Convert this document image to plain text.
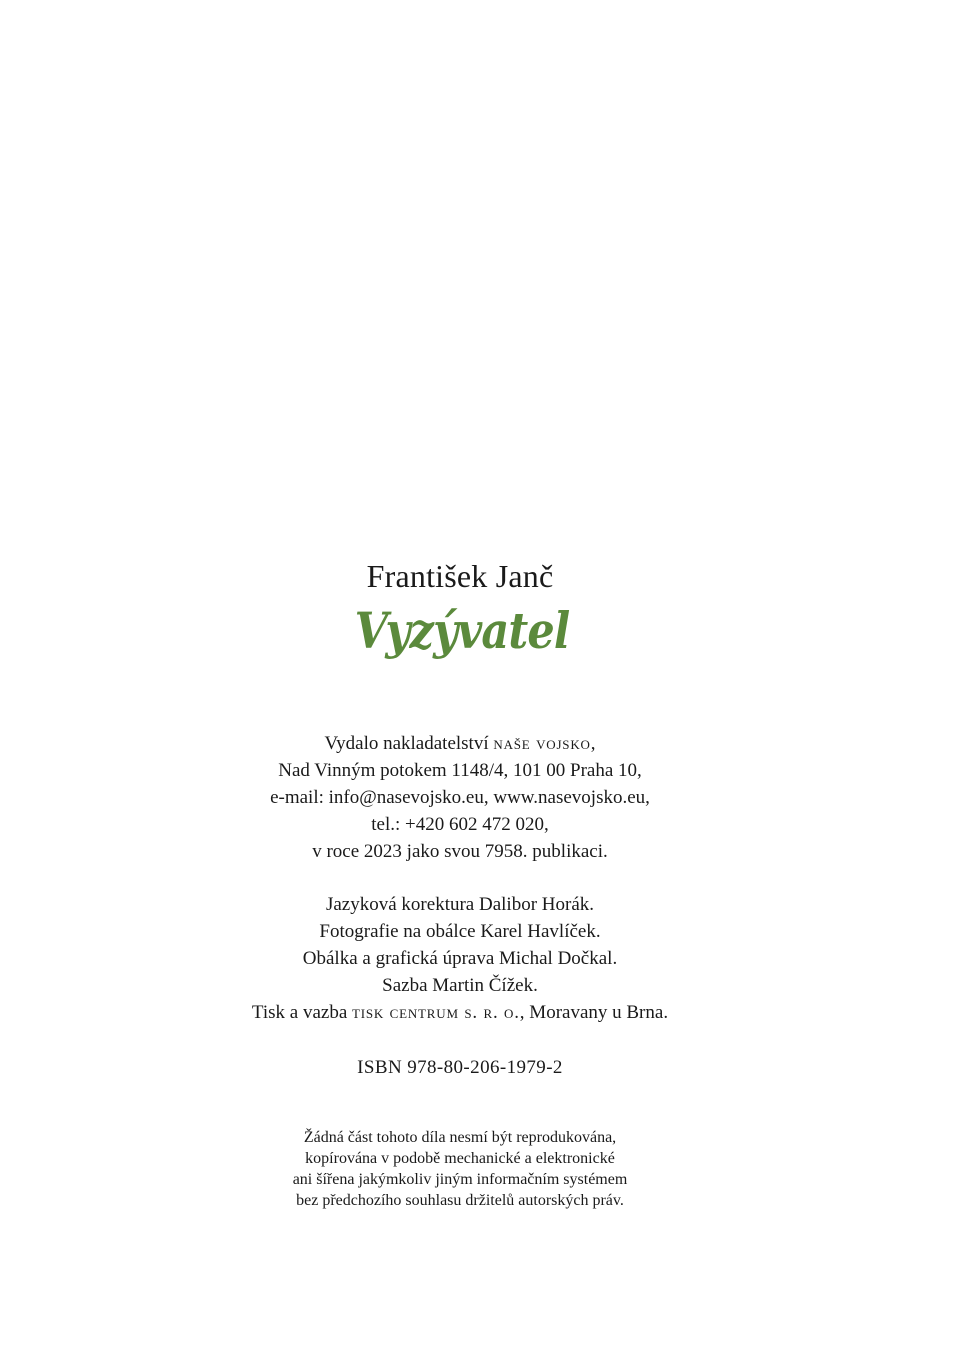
František Janč
Vyzývatel
Vydalo nakladatelství naše vojsko,
Nad Vinným potokem 1148/4, 101 00 Praha 10,
e-mail: info@nasevojsko.eu, www.nasevojsko.eu,
tel.: +420 602 472 020,
v roce 2023 jako svou 7958. publikaci.
Jazyková korektura Dalibor Horák.
Fotografie na obálce Karel Havlíček.
Obálka a grafická úprava Michal Dočkal.
Sazba Martin Čížek.
Tisk a vazba tisk centrum s. r. o., Moravany u Brna.
ISBN 978-80-206-1979-2
Žádná část tohoto díla nesmí být reprodukována,
kopírována v podobě mechanické a elektronické
ani šířena jakýmkoliv jiným informačním systémem
bez předchozího souhlasu držitelů autorských práv.
